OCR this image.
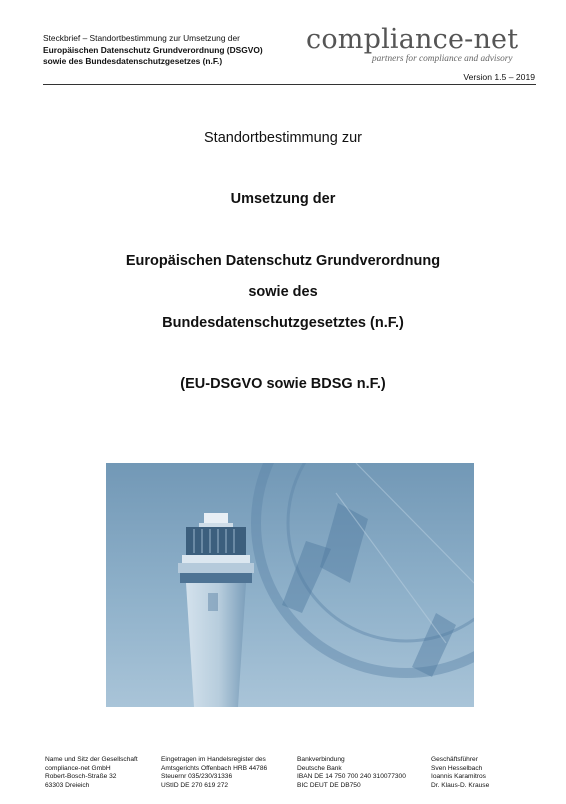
Steckbrief – Standortbestimmung zur Umsetzung der
Europäischen Datenschutz Grundverordnung (DSGVO)
sowie des Bundesdatenschutzgesetzes (n.F.)
compliance-net
partners for compliance and advisory
Version 1.5 – 2019
Standortbestimmung zur
Umsetzung der
Europäischen Datenschutz Grundverordnung
sowie des
Bundesdatenschutzgesetztes (n.F.)
(EU-DSGVO sowie BDSG n.F.)
Name und Sitz der Gesellschaft
compliance-net GmbH
Robert-Bosch-Straße 32
63303 Dreieich
Eingetragen im Handelsregister des
Amtsgerichts Offenbach HRB 44786
Steuernr 035/230/31336
UStID DE 270 619 272
Bankverbindung
Deutsche Bank
IBAN DE 14 750 700 240 310077300
BIC DEUT DE DB750
Geschäftsführer
Sven Hesselbach
Ioannis Karamitros
Dr. Klaus-D. Krause
